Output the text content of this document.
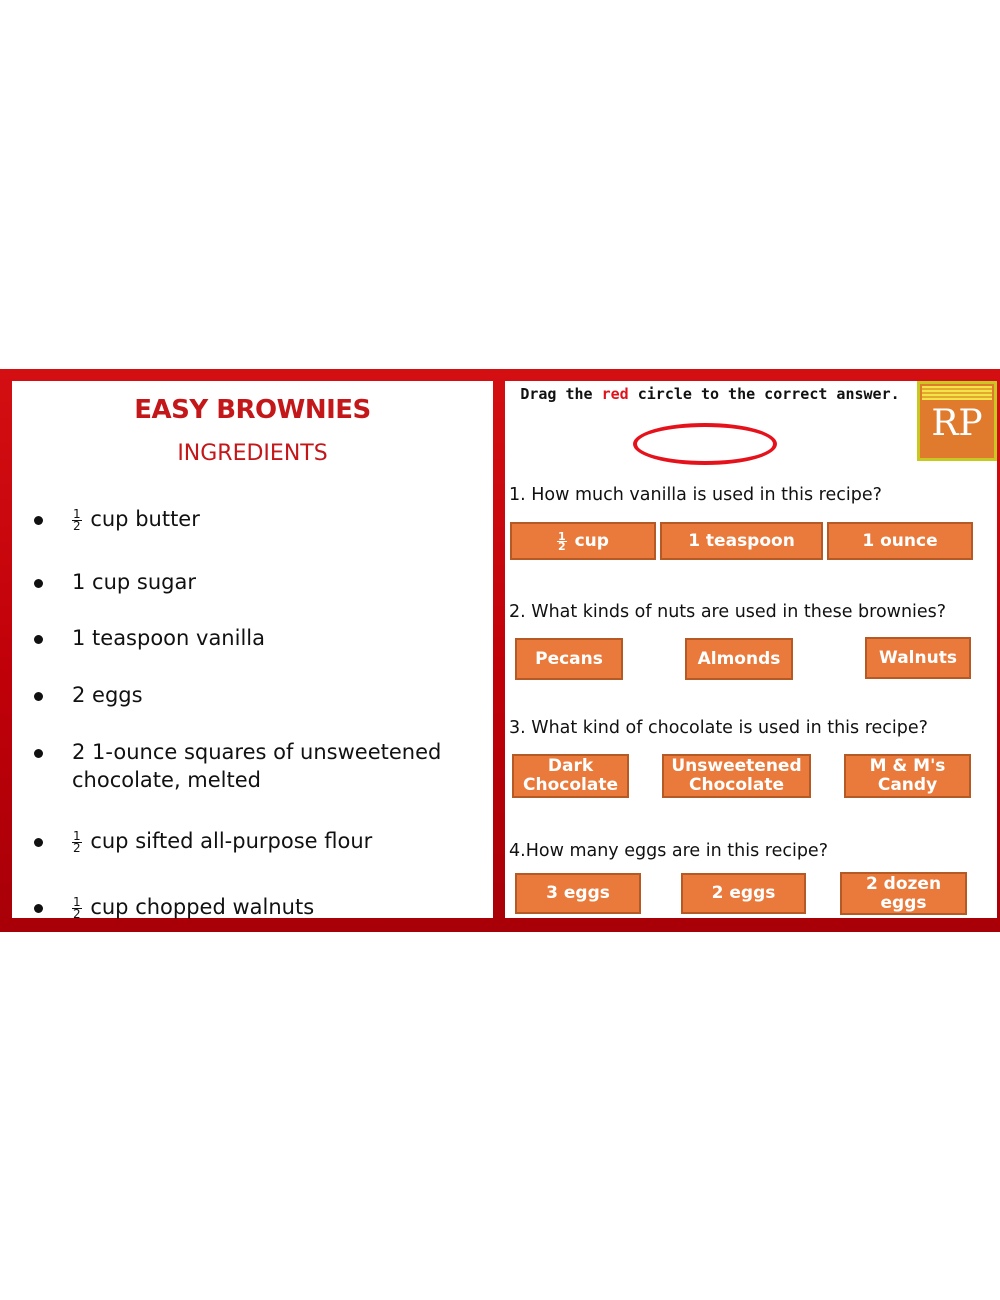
EASY BROWNIES
INGREDIENTS
$\frac{1}{2}$ cup butter
1 cup sugar
1 teaspoon vanilla
2 eggs
2 1-ounce squares of unsweetened chocolate, melted
$\frac{1}{2}$ cup sifted all-purpose flour
$\frac{1}{2}$ cup chopped walnuts
Drag the red circle to the correct answer.
RP
1. How much vanilla is used in this recipe?
$\frac{1}{2}$ cup	1 teaspoon	1 ounce
2. What kinds of nuts are used in these brownies?
Pecans	Almonds	Walnuts
3. What kind of chocolate is used in this recipe?
Dark Chocolate
Unsweetened Chocolate
M & M's Candy
4.How many eggs are in this recipe?
3 eggs	2 eggs	2 dozen eggs
